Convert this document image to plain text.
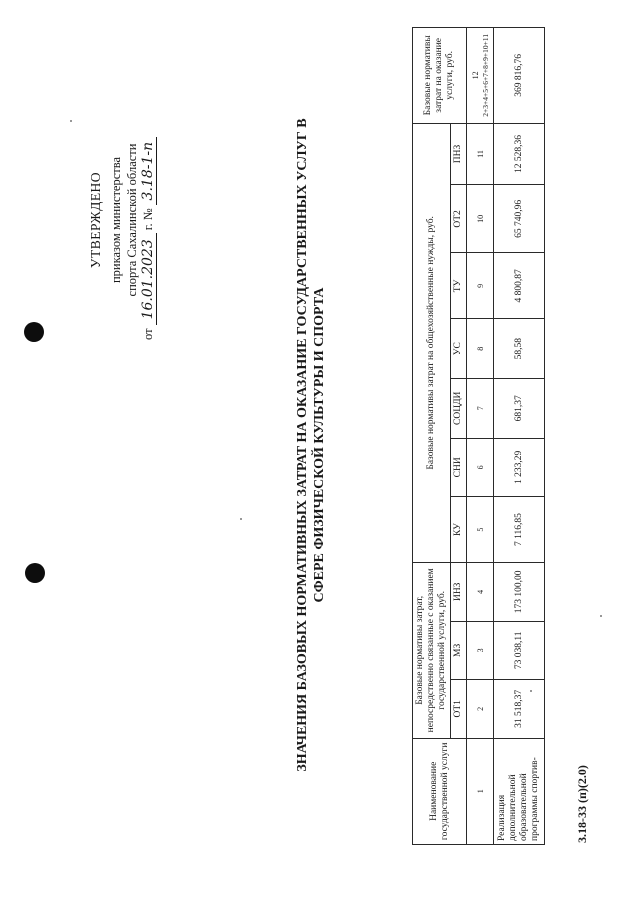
УТВЕРЖДЕНО приказом министерства спорта Сахалинской области
от 16.01.2023 г. № 3.18-1-п	ЗНАЧЕНИЯ БАЗОВЫХ НОРМАТИВНЫХ ЗАТРАТ НА ОКАЗАНИЕ ГОСУДАРСТВЕННЫХ УСЛУГ В СФЕРЕ ФИЗИЧЕСКОЙ КУЛЬТУРЫ И СПОРТА
Наименование государственной услуги	Базовые нормативы затрат, непосредственно связанные с оказанием государственной услуги, руб.			Базовые нормативы затрат на общехозяйственные нужды, руб.							Базовые нормативы затрат на оказание услуги, руб.
	ОТ1	МЗ	ИНЗ	КУ	СНИ	СОЦДИ	УС	ТУ	ОТ2	ПНЗ	
1	2	3	4	5	6	7	8	9	10	11	12 2+3+4+5+6+7+8+9+10+11

Реализация дополнительной образовательной программы спортив-	31 518,37	73 038,11	173 100,00	7 116,85	1 233,29	681,37	58,58	4 800,87	65 740,96	12 528,36	369 816,76
3.18-33 (п)(2.0)
